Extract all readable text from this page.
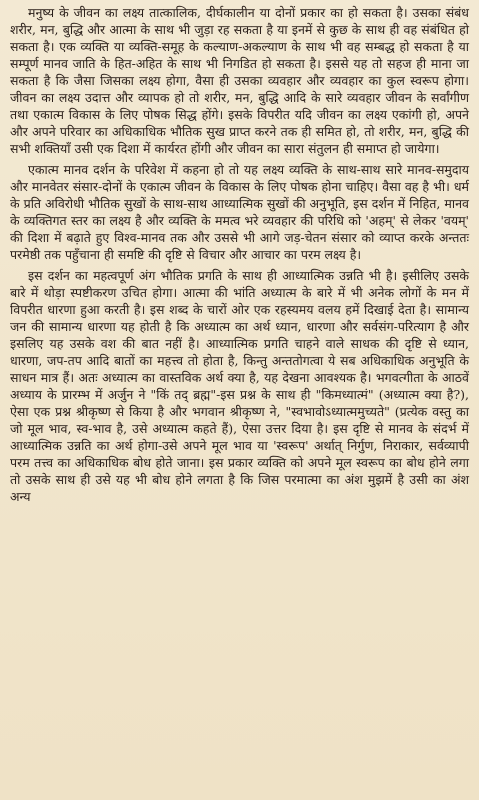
मनुष्य के जीवन का लक्ष्य तात्कालिक, दीर्घकालीन या दोनों प्रकार का हो सकता है। उसका संबंध शरीर, मन, बुद्धि और आत्मा के साथ भी जुड़ा रह सकता है या इनमें से कुछ के साथ ही वह संबंधित हो सकता है। एक व्यक्ति या व्यक्ति-समूह के कल्याण-अकल्याण के साथ भी वह सम्बद्ध हो सकता है या सम्पूर्ण मानव जाति के हित-अहित के साथ भी निगडित हो सकता है। इससे यह तो सहज ही माना जा सकता है कि जैसा जिसका लक्ष्य होगा, वैसा ही उसका व्यवहार और व्यवहार का कुल स्वरूप होगा। जीवन का लक्ष्य उदात्त और व्यापक हो तो शरीर, मन, बुद्धि आदि के सारे व्यवहार जीवन के सर्वांगीण तथा एकात्म विकास के लिए पोषक सिद्ध होंगे। इसके विपरीत यदि जीवन का लक्ष्य एकांगी हो, अपने और अपने परिवार का अधिकाधिक भौतिक सुख प्राप्त करने तक ही समित हो, तो शरीर, मन, बुद्धि की सभी शक्तियाँ उसी एक दिशा में कार्यरत होंगी और जीवन का सारा संतुलन ही समाप्त हो जायेगा।

एकात्म मानव दर्शन के परिवेश में कहना हो तो यह लक्ष्य व्यक्ति के साथ-साथ सारे मानव-समुदाय और मानवेतर संसार-दोनों के एकात्म जीवन के विकास के लिए पोषक होना चाहिए। वैसा वह है भी। धर्म के प्रति अविरोधी भौतिक सुखों के साथ-साथ आध्यात्मिक सुखों की अनुभूति, इस दर्शन में निहित, मानव के व्यक्तिगत स्तर का लक्ष्य है और व्यक्ति के ममत्व भरे व्यवहार की परिधि को 'अहम्' से लेकर 'वयम्' की दिशा में बढ़ाते हुए विश्व-मानव तक और उससे भी आगे जड़-चेतन संसार को व्याप्त करके अन्ततः परमेष्ठी तक पहुँचाना ही समष्टि की दृष्टि से विचार और आचार का परम लक्ष्य है।

इस दर्शन का महत्वपूर्ण अंग भौतिक प्रगति के साथ ही आध्यात्मिक उन्नति भी है। इसीलिए उसके बारे में थोड़ा स्पष्टीकरण उचित होगा। आत्मा की भांति अध्यात्म के बारे में भी अनेक लोगों के मन में विपरीत धारणा हुआ करती है। इस शब्द के चारों ओर एक रहस्यमय वलय हमें दिखाई देता है। सामान्य जन की सामान्य धारणा यह होती है कि अध्यात्म का अर्थ ध्यान, धारणा और सर्वसंग-परित्याग है और इसलिए यह उसके वश की बात नहीं है। आध्यात्मिक प्रगति चाहने वाले साधक की दृष्टि से ध्यान, धारणा, जप-तप आदि बातों का महत्त्व तो होता है, किन्तु अन्ततोगत्वा ये सब अधिकाधिक अनुभूति के साधन मात्र हैं। अतः अध्यात्म का वास्तविक अर्थ क्या है, यह देखना आवश्यक है। भगवत्गीता के आठवें अध्याय के प्रारम्भ में अर्जुन ने "किं तद् ब्रह्म"-इस प्रश्न के साथ ही "किमध्यात्मं" (अध्यात्म क्या है?), ऐसा एक प्रश्न श्रीकृष्ण से किया है और भगवान श्रीकृष्ण ने, "स्वभावोऽध्यात्ममुच्यते" (प्रत्येक वस्तु का जो मूल भाव, स्व-भाव है, उसे अध्यात्म कहते हैं), ऐसा उत्तर दिया है। इस दृष्टि से मानव के संदर्भ में आध्यात्मिक उन्नति का अर्थ होगा-उसे अपने मूल भाव या 'स्वरूप' अर्थात् निर्गुण, निराकार, सर्वव्यापी परम तत्त्व का अधिकाधिक बोध होते जाना। इस प्रकार व्यक्ति को अपने मूल स्वरूप का बोध होने लगा तो उसके साथ ही उसे यह भी बोध होने लगता है कि जिस परमात्मा का अंश मुझमें है उसी का अंश अन्य
